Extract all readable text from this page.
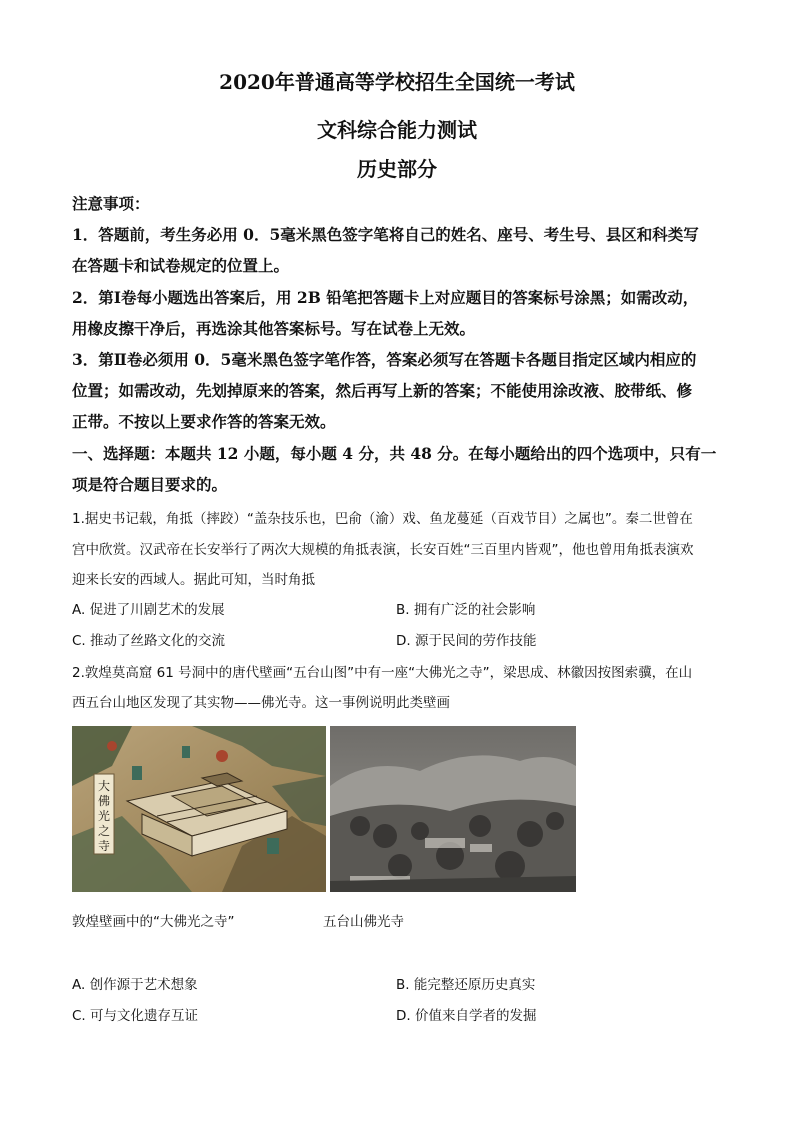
2020年普通高等学校招生全国统一考试
文科综合能力测试
历史部分
注意事项：
1．答题前，考生务必用 0．5毫米黑色签字笔将自己的姓名、座号、考生号、县区和科类写
在答题卡和试卷规定的位置上。
2．第Ⅰ卷每小题选出答案后，用 2B 铅笔把答题卡上对应题目的答案标号涂黑；如需改动，
用橡皮擦干净后，再选涂其他答案标号。写在试卷上无效。
3．第Ⅱ卷必须用 0．5毫米黑色签字笔作答，答案必须写在答题卡各题目指定区域内相应的
位置；如需改动，先划掉原来的答案，然后再写上新的答案；不能使用涂改液、胶带纸、修
正带。不按以上要求作答的答案无效。
一、选择题：本题共 12 小题，每小题 4 分，共 48 分。在每小题给出的四个选项中，只有一
项是符合题目要求的。
1.据史书记载，角抵（摔跤）“盖杂技乐也，巴俞（渝）戏、鱼龙蔓延（百戏节目）之属也”。秦二世曾在
宫中欣赏。汉武帝在长安举行了两次大规模的角抵表演，长安百姓“三百里内皆观”，他也曾用角抵表演欢
迎来长安的西域人。据此可知，当时角抵
A. 促进了川剧艺术的发展	B. 拥有广泛的社会影响
C. 推动了丝路文化的交流	D. 源于民间的劳作技能
2.敦煌莫高窟 61 号洞中的唐代壁画“五台山图”中有一座“大佛光之寺”，梁思成、林徽因按图索骥，在山
西五台山地区发现了其实物——佛光寺。这一事例说明此类壁画
大
佛
光
之
寺
敦煌壁画中的“大佛光之寺”	五台山佛光寺
A. 创作源于艺术想象	B. 能完整还原历史真实
C. 可与文化遗存互证	D. 价值来自学者的发掘
